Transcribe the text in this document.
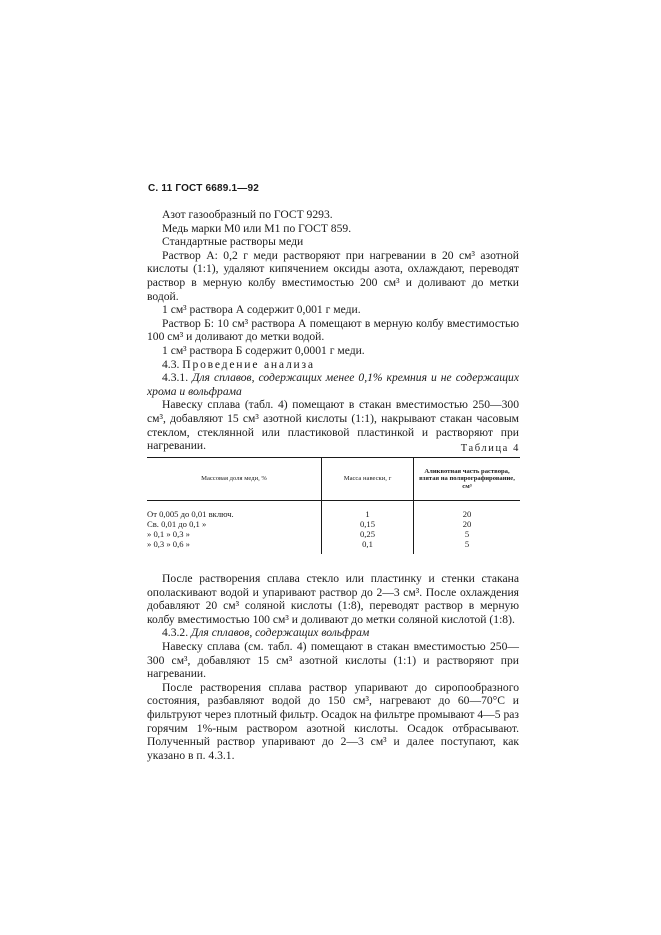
С. 11 ГОСТ 6689.1—92

Азот газообразный по ГОСТ 9293.

Медь марки М0 или М1 по ГОСТ 859.

Стандартные растворы меди

Раствор А: 0,2 г меди растворяют при нагревании в 20 см³ азотной кислоты (1:1), удаляют кипячением оксиды азота, охлаждают, переводят раствор в мерную колбу вместимостью 200 см³ и доливают до метки водой.

1 см³ раствора А содержит 0,001 г меди.

Раствор Б: 10 см³ раствора А помещают в мерную колбу вместимостью 100 см³ и доливают до метки водой.

1 см³ раствора Б содержит 0,0001 г меди.

4.3. Проведение анализа

4.3.1. Для сплавов, содержащих менее 0,1% кремния и не содержащих хрома и вольфрама

Навеску сплава (табл. 4) помещают в стакан вместимостью 250—300 см³, добавляют 15 см³ азотной кислоты (1:1), накрывают стакан часовым стеклом, стеклянной или пластиковой пластинкой и растворяют при нагревании.	Таблица 4
Массовая доля меди, %	Масса навески, г	Аликвотная часть раствора, взятая на полярографирование, см³
От 0,005 до 0,01 включ.	1	20
Св. 0,01 до 0,1 »	0,15	20
» 0,1 » 0,3 »	0,25	5
» 0,3 » 0,6 »	0,1	5

После растворения сплава стекло или пластинку и стенки стакана ополаскивают водой и упаривают раствор до 2—3 см³. После охлаждения добавляют 20 см³ соляной кислоты (1:8), переводят раствор в мерную колбу вместимостью 100 см³ и доливают до метки соляной кислотой (1:8).

4.3.2. Для сплавов, содержащих вольфрам

Навеску сплава (см. табл. 4) помещают в стакан вместимостью 250—300 см³, добавляют 15 см³ азотной кислоты (1:1) и растворяют при нагревании.

После растворения сплава раствор упаривают до сиропообразного состояния, разбавляют водой до 150 см³, нагревают до 60—70°С и фильтруют через плотный фильтр. Осадок на фильтре промывают 4—5 раз горячим 1%-ным раствором азотной кислоты. Осадок отбрасывают. Полученный раствор упаривают до 2—3 см³ и далее поступают, как указано в п. 4.3.1.
